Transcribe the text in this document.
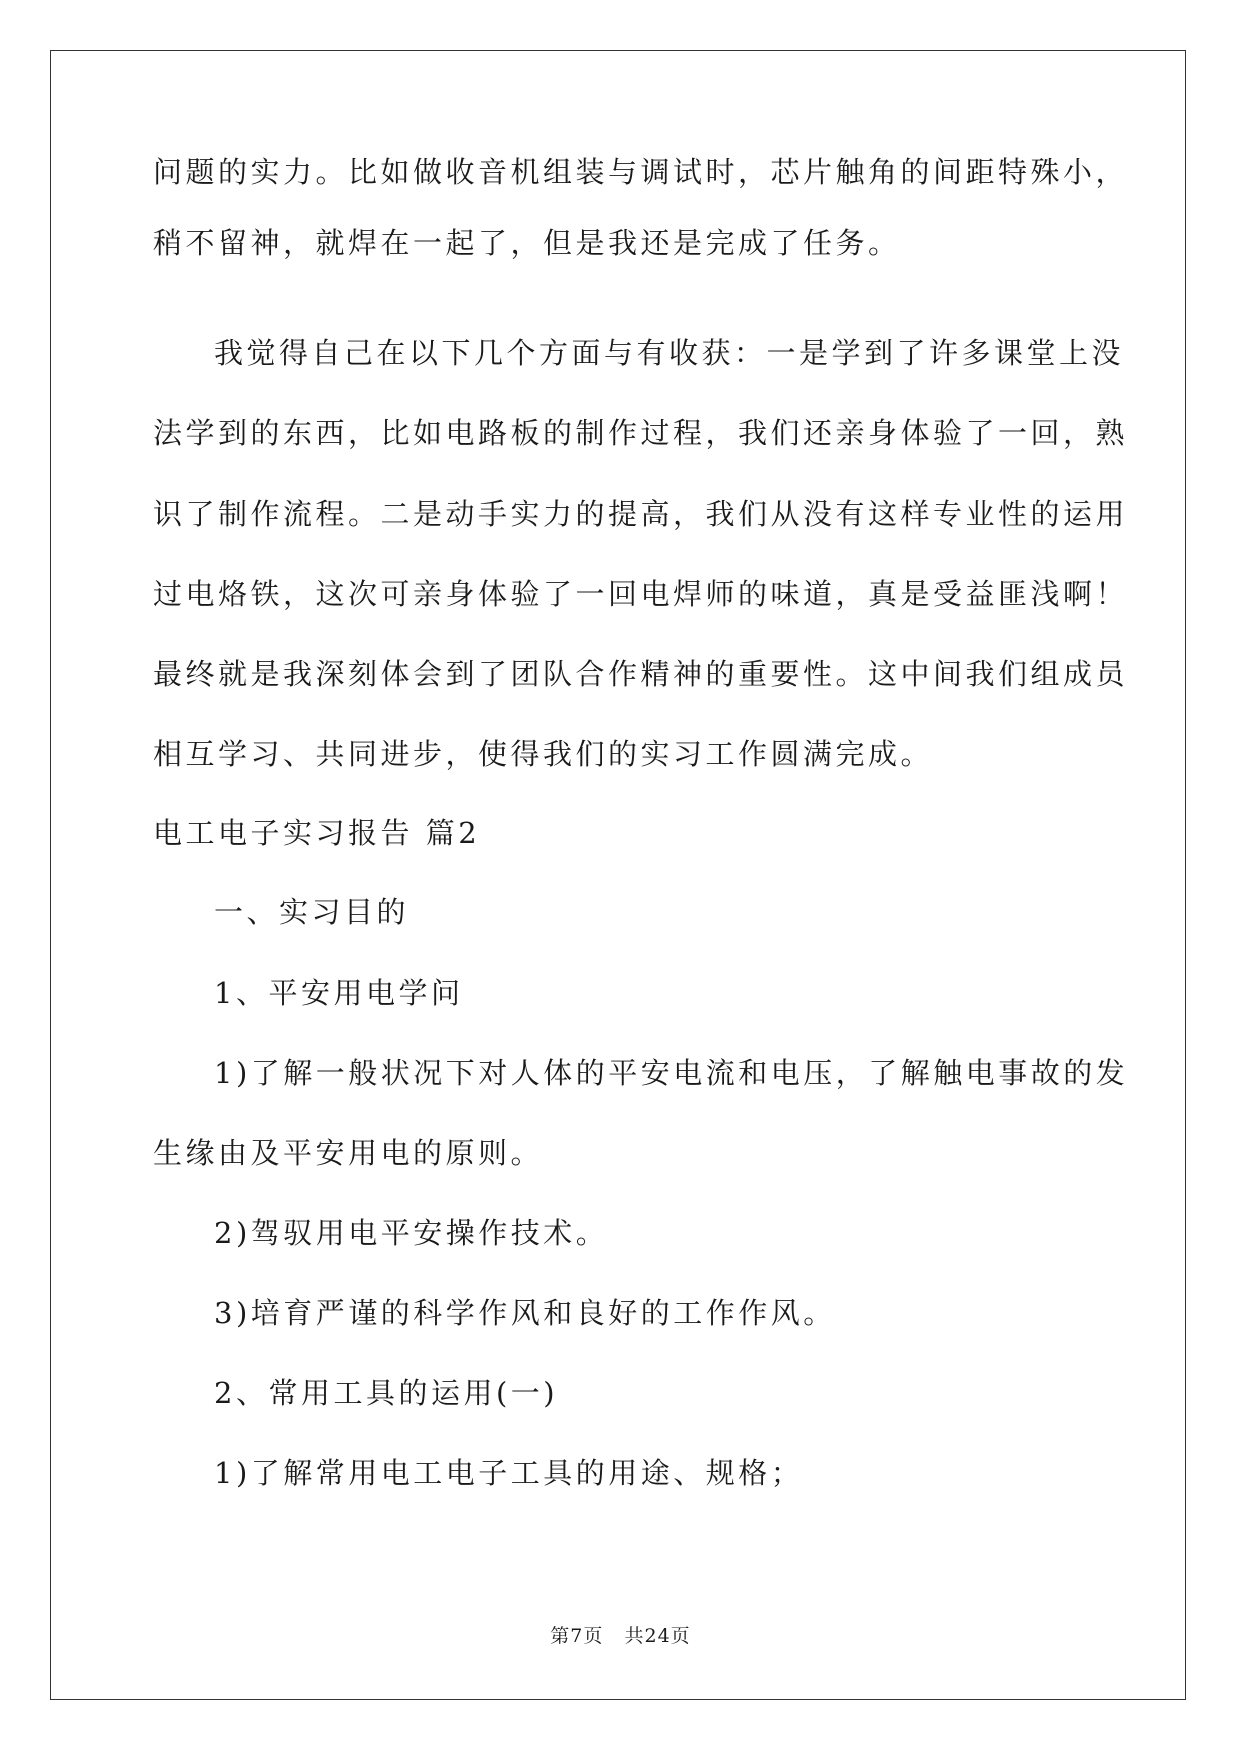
问题的实力。比如做收音机组装与调试时，芯片触角的间距特殊小，
稍不留神，就焊在一起了，但是我还是完成了任务。
我觉得自己在以下几个方面与有收获：一是学到了许多课堂上没
法学到的东西，比如电路板的制作过程，我们还亲身体验了一回，熟
识了制作流程。二是动手实力的提高，我们从没有这样专业性的运用
过电烙铁，这次可亲身体验了一回电焊师的味道，真是受益匪浅啊！
最终就是我深刻体会到了团队合作精神的重要性。这中间我们组成员
相互学习、共同进步，使得我们的实习工作圆满完成。
电工电子实习报告 篇2
一、实习目的
1、平安用电学问
1)了解一般状况下对人体的平安电流和电压，了解触电事故的发
生缘由及平安用电的原则。
2)驾驭用电平安操作技术。
3)培育严谨的科学作风和良好的工作作风。
2、常用工具的运用(一)
1)了解常用电工电子工具的用途、规格；
第7页   共24页
